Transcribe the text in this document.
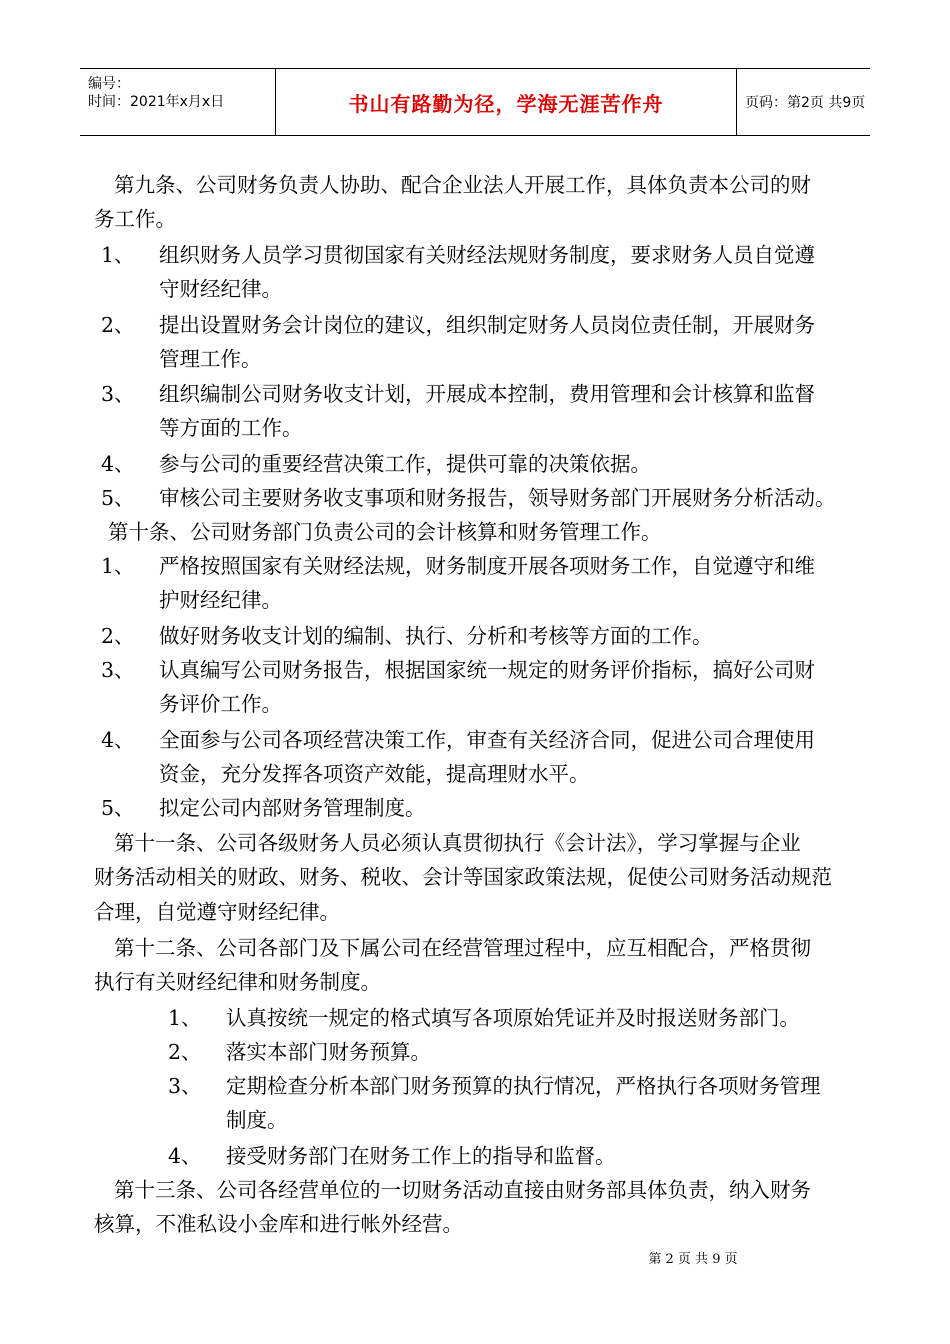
编号：
时间：2021年x月x日	书山有路勤为径，学海无涯苦作舟	页码：第2页 共9页
第九条、公司财务负责人协助、配合企业法人开展工作，具体负责本公司的财
务工作。
1、 组织财务人员学习贯彻国家有关财经法规财务制度，要求财务人员自觉遵
守财经纪律。
2、 提出设置财务会计岗位的建议，组织制定财务人员岗位责任制，开展财务
管理工作。
3、 组织编制公司财务收支计划，开展成本控制，费用管理和会计核算和监督
等方面的工作。
4、 参与公司的重要经营决策工作，提供可靠的决策依据。
5、 审核公司主要财务收支事项和财务报告，领导财务部门开展财务分析活动。
第十条、公司财务部门负责公司的会计核算和财务管理工作。
1、 严格按照国家有关财经法规，财务制度开展各项财务工作，自觉遵守和维
护财经纪律。
2、 做好财务收支计划的编制、执行、分析和考核等方面的工作。
3、 认真编写公司财务报告，根据国家统一规定的财务评价指标，搞好公司财
务评价工作。
4、 全面参与公司各项经营决策工作，审查有关经济合同，促进公司合理使用
资金，充分发挥各项资产效能，提高理财水平。
5、 拟定公司内部财务管理制度。
第十一条、公司各级财务人员必须认真贯彻执行《会计法》，学习掌握与企业
财务活动相关的财政、财务、税收、会计等国家政策法规，促使公司财务活动规范
合理，自觉遵守财经纪律。
第十二条、公司各部门及下属公司在经营管理过程中，应互相配合，严格贯彻
执行有关财经纪律和财务制度。
1、 认真按统一规定的格式填写各项原始凭证并及时报送财务部门。
2、 落实本部门财务预算。
3、 定期检查分析本部门财务预算的执行情况，严格执行各项财务管理
制度。
4、 接受财务部门在财务工作上的指导和监督。
第十三条、公司各经营单位的一切财务活动直接由财务部具体负责，纳入财务
核算，不准私设小金库和进行帐外经营。
第 2 页 共 9 页
